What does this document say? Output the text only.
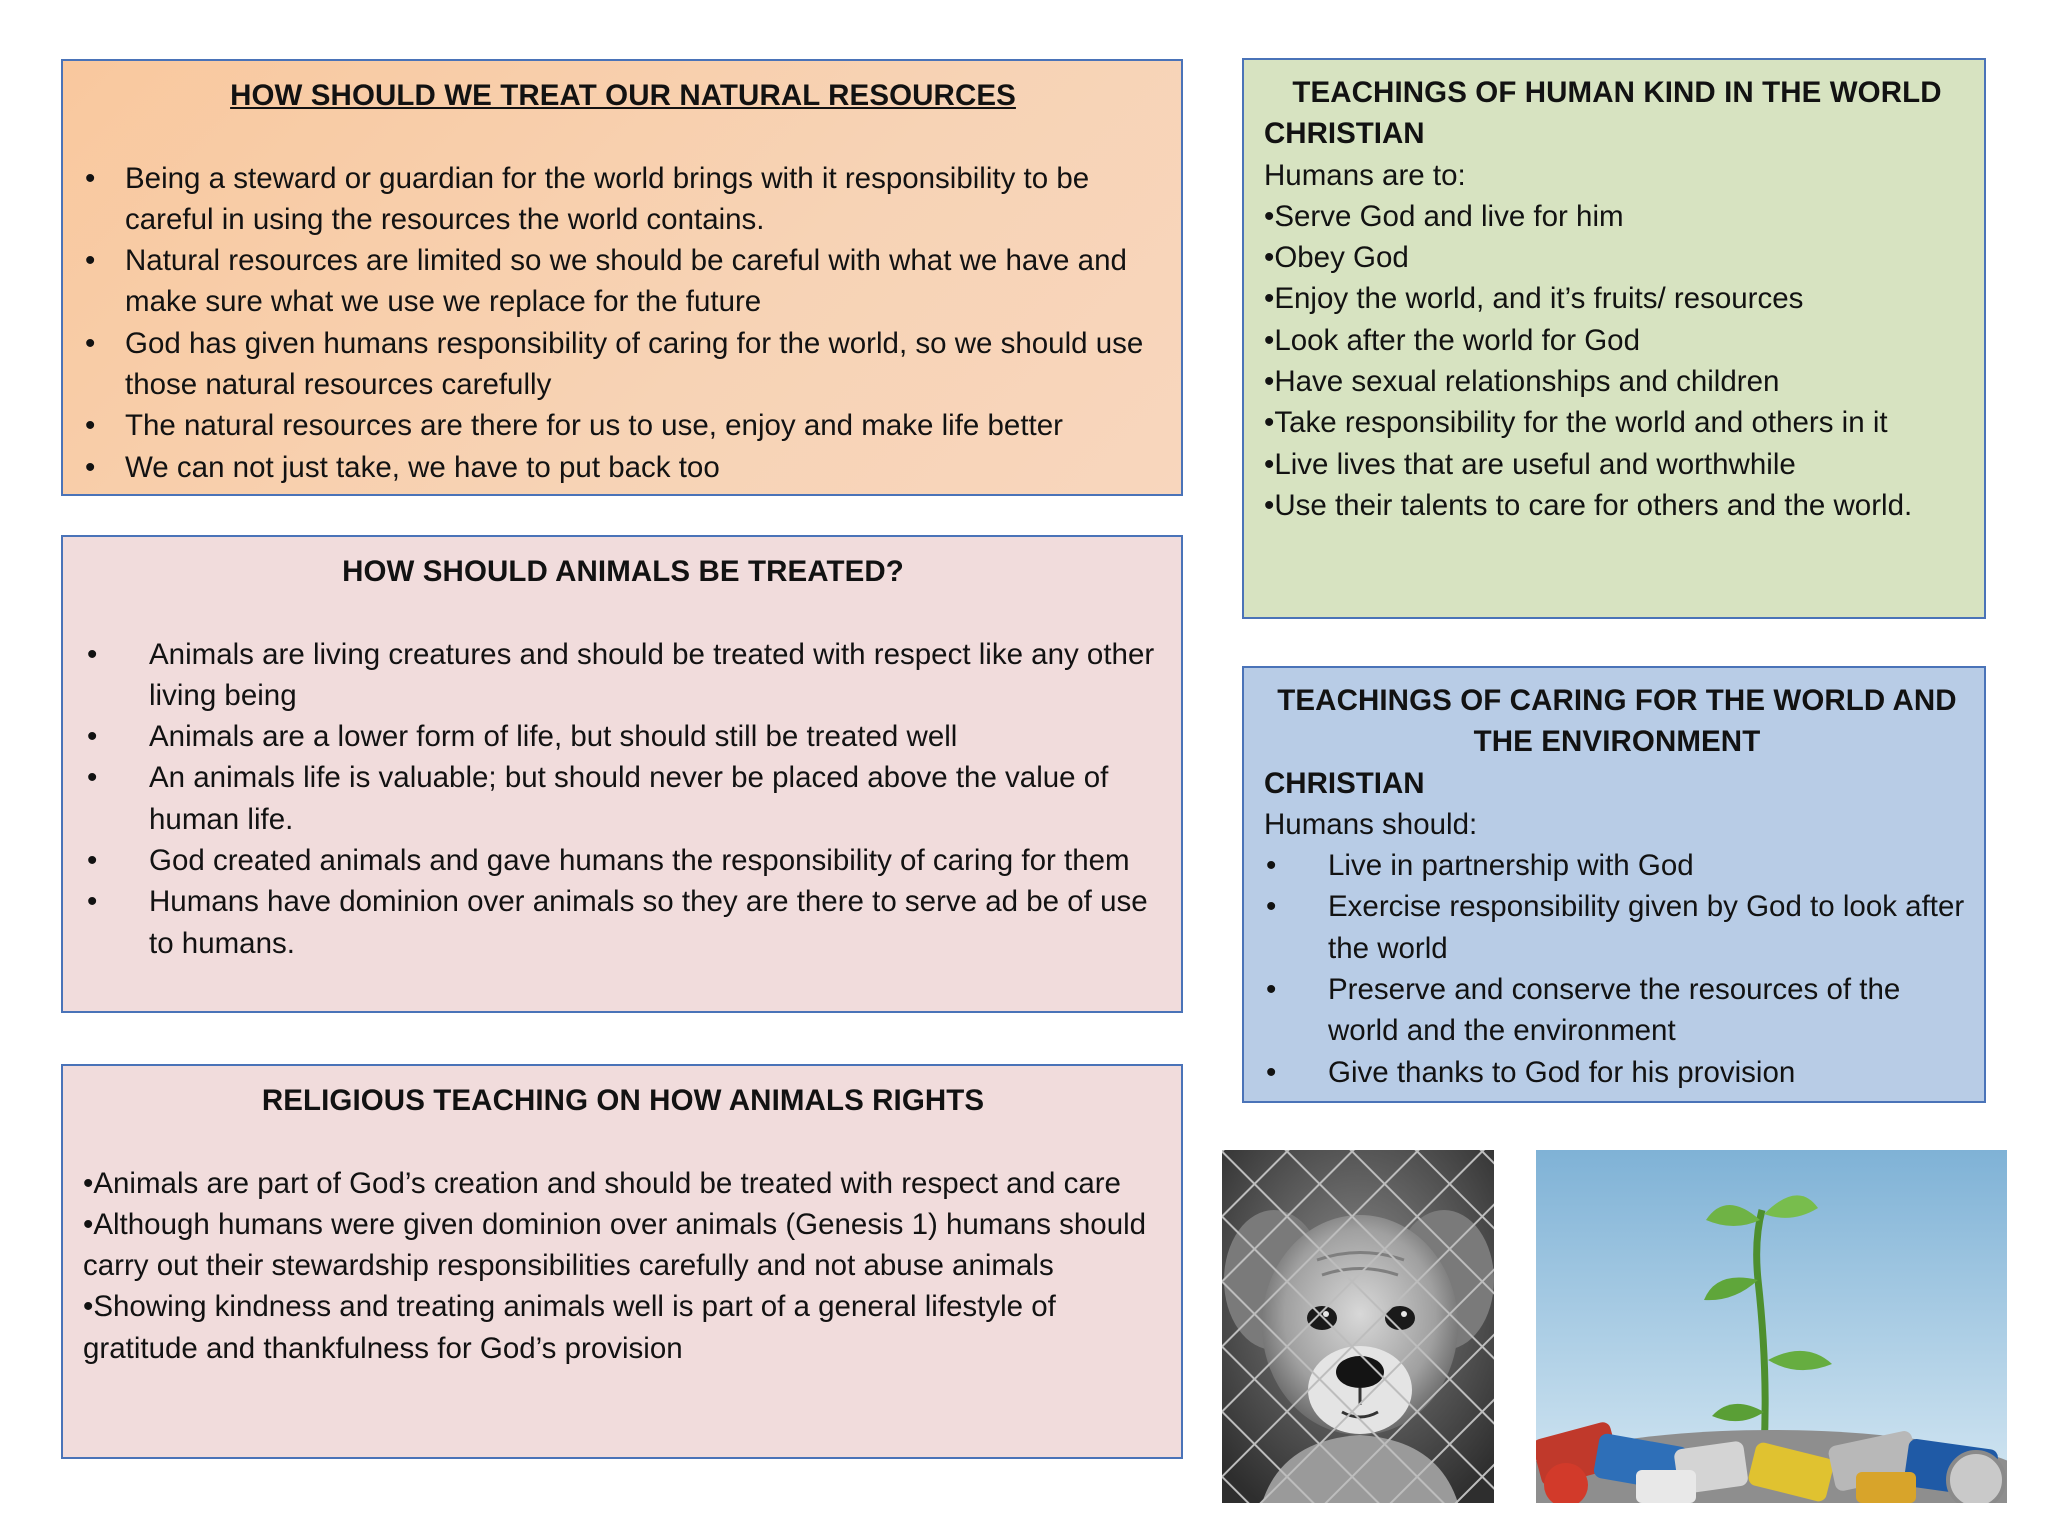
HOW SHOULD WE TREAT OUR NATURAL RESOURCES
• Being a steward or guardian for the world brings with it responsibility to be careful in using the resources the world contains.
• Natural resources are limited so we should be careful with what we have and make sure what we use we replace for the future
• God has given humans responsibility of caring for the world, so we should use those natural resources carefully
• The natural resources are there for us to use, enjoy and make life better
• We can not just take, we have to put back too
HOW SHOULD ANIMALS BE TREATED?
• Animals are living creatures and should be treated with respect like any other living being
• Animals are a lower form of life, but should still be treated well
• An animals life is valuable; but should never be placed above the value of human life.
• God created animals and gave humans the responsibility of caring for them
• Humans have dominion over animals so they are there to serve ad be of use to humans.
RELIGIOUS TEACHING ON HOW ANIMALS RIGHTS
•Animals are part of God’s creation and should be treated with respect and care
•Although humans were given dominion over animals (Genesis 1) humans should carry out their stewardship responsibilities carefully and not abuse animals
•Showing kindness and treating animals well is part of a general lifestyle of gratitude and thankfulness for God’s provision
TEACHINGS OF HUMAN KIND IN THE WORLD
CHRISTIAN
Humans are to:
•Serve God and live for him
•Obey God
•Enjoy the world, and it’s fruits/ resources
•Look after the world for God
•Have sexual relationships and children
•Take responsibility for the world and others in it
•Live lives that are useful and worthwhile
•Use their talents to care for others and the world.
TEACHINGS OF CARING FOR THE WORLD AND THE ENVIRONMENT
CHRISTIAN
Humans should:
• Live in partnership with God
• Exercise responsibility given by God to look after the world
• Preserve and conserve the resources of the world and the environment
• Give thanks to God for his provision
